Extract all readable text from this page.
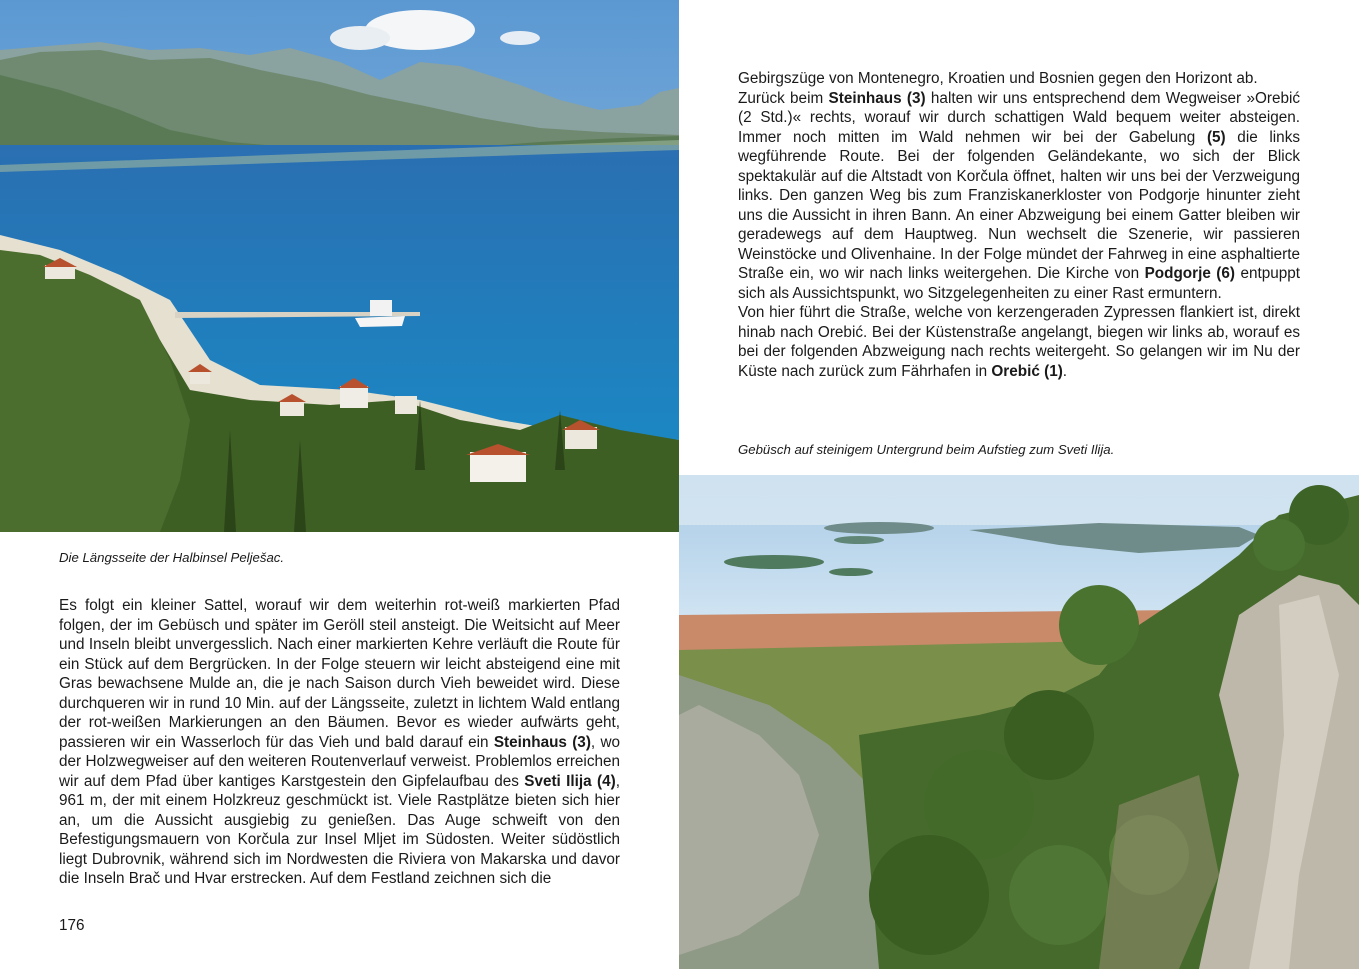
Die Längsseite der Halbinsel Pelješac.
Es folgt ein kleiner Sattel, worauf wir dem weiterhin rot-weiß markierten Pfad folgen, der im Gebüsch und später im Geröll steil ansteigt. Die Weitsicht auf Meer und Inseln bleibt unvergesslich. Nach einer markierten Kehre verläuft die Route für ein Stück auf dem Bergrücken. In der Folge steuern wir leicht absteigend eine mit Gras bewachsene Mulde an, die je nach Saison durch Vieh beweidet wird. Diese durchqueren wir in rund 10 Min. auf der Längsseite, zuletzt in lichtem Wald entlang der rot-weißen Markierungen an den Bäumen. Bevor es wieder aufwärts geht, passieren wir ein Wasserloch für das Vieh und bald darauf ein Steinhaus (3), wo der Holzwegweiser auf den weiteren Routenverlauf verweist. Problemlos erreichen wir auf dem Pfad über kantiges Karstgestein den Gipfelaufbau des Sveti Ilija (4), 961 m, der mit einem Holzkreuz geschmückt ist. Viele Rastplätze bieten sich hier an, um die Aussicht ausgiebig zu genießen. Das Auge schweift von den Befestigungsmauern von Korčula zur Insel Mljet im Südosten. Weiter südöstlich liegt Dubrovnik, während sich im Nordwesten die Riviera von Makarska und davor die Inseln Brač und Hvar erstrecken. Auf dem Festland zeichnen sich die
176
Gebirgszüge von Montenegro, Kroatien und Bosnien gegen den Horizont ab.
Zurück beim Steinhaus (3) halten wir uns entsprechend dem Wegweiser »Orebić (2 Std.)« rechts, worauf wir durch schattigen Wald bequem weiter absteigen. Immer noch mitten im Wald nehmen wir bei der Gabelung (5) die links wegführende Route. Bei der folgenden Geländekante, wo sich der Blick spektakulär auf die Altstadt von Korčula öffnet, halten wir uns bei der Verzweigung links. Den ganzen Weg bis zum Franziskanerkloster von Podgorje hinunter zieht uns die Aussicht in ihren Bann. An einer Abzweigung bei einem Gatter bleiben wir geradewegs auf dem Hauptweg. Nun wechselt die Szenerie, wir passieren Weinstöcke und Olivenhaine. In der Folge mündet der Fahrweg in eine asphaltierte Straße ein, wo wir nach links weitergehen. Die Kirche von Podgorje (6) entpuppt sich als Aussichtspunkt, wo Sitzgelegenheiten zu einer Rast ermuntern.
Von hier führt die Straße, welche von kerzengeraden Zypressen flankiert ist, direkt hinab nach Orebić. Bei der Küstenstraße angelangt, biegen wir links ab, worauf es bei der folgenden Abzweigung nach rechts weitergeht. So gelangen wir im Nu der Küste nach zurück zum Fährhafen in Orebić (1).
Gebüsch auf steinigem Untergrund beim Aufstieg zum Sveti Ilija.
